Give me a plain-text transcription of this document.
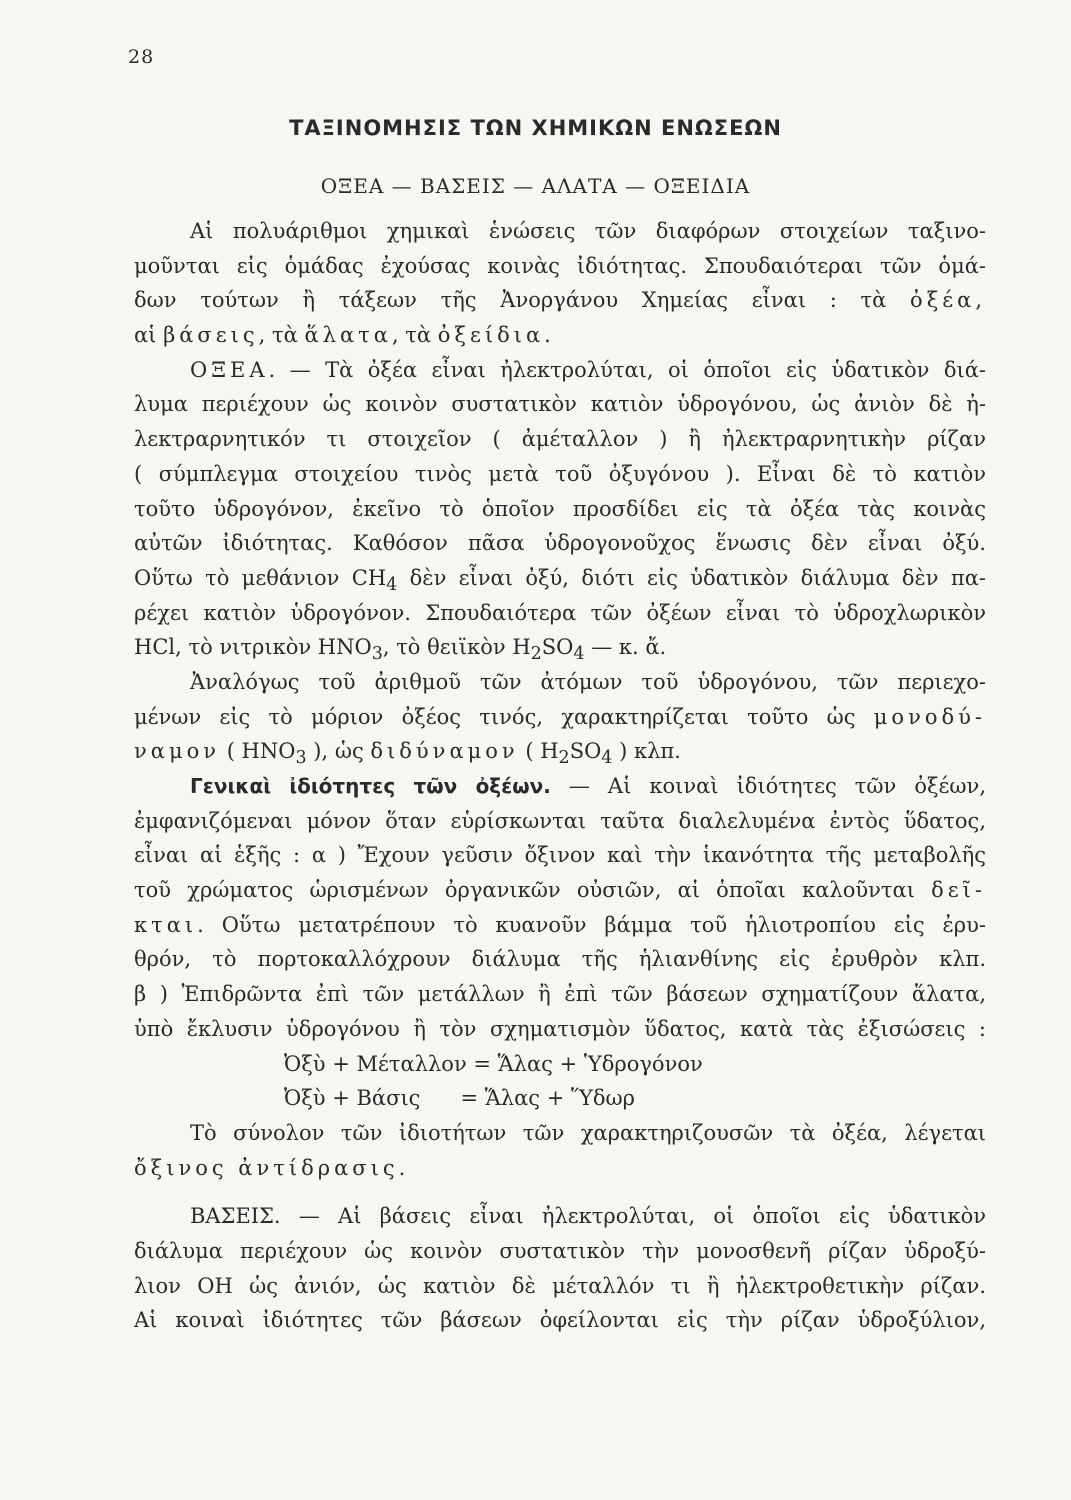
28
ΤΑΞΙΝΟΜΗΣΙΣ ΤΩΝ ΧΗΜΙΚΩΝ ΕΝΩΣΕΩΝ
ΟΞΕΑ — ΒΑΣΕΙΣ — ΑΛΑΤΑ — ΟΞΕΙΔΙΑ
Αἱ πολυάριθμοι χημικαὶ ἑνώσεις τῶν διαφόρων στοιχείων ταξινο-
μοῦνται εἰς ὁμάδας ἐχούσας κοινὰς ἰδιότητας. Σπουδαιότεραι τῶν ὁμά-
δων τούτων ἢ τάξεων τῆς Ἀνοργάνου Χημείας εἶναι : τὰ ὀξέα,
αἱ βάσεις, τὰ ἅλατα, τὰ ὀξείδια.
ΟΞΕΑ. — Τὰ ὀξέα εἶναι ἠλεκτρολύται, οἱ ὁποῖοι εἰς ὑδατικὸν διά-
λυμα περιέχουν ὡς κοινὸν συστατικὸν κατιὸν ὑδρογόνου, ὡς ἀνιὸν δὲ ἠ-
λεκτραρνητικόν τι στοιχεῖον ( ἀμέταλλον ) ἢ ἠλεκτραρνητικὴν ρίζαν
( σύμπλεγμα στοιχείου τινὸς μετὰ τοῦ ὀξυγόνου ). Εἶναι δὲ τὸ κατιὸν
τοῦτο ὑδρογόνον, ἐκεῖνο τὸ ὁποῖον προσδίδει εἰς τὰ ὀξέα τὰς κοινὰς
αὐτῶν ἰδιότητας. Καθόσον πᾶσα ὑδρογονοῦχος ἕνωσις δὲν εἶναι ὀξύ.
Οὕτω τὸ μεθάνιον $CH_4$ δὲν εἶναι ὀξύ, διότι εἰς ὑδατικὸν διάλυμα δὲν πα-
ρέχει κατιὸν ὑδρογόνον. Σπουδαιότερα τῶν ὀξέων εἶναι τὸ ὑδροχλωρικὸν
HCl, τὸ νιτρικὸν $HNO_3$, τὸ θειϊκὸν $H_2SO_4$ — κ. ἄ.
Ἀναλόγως τοῦ ἀριθμοῦ τῶν ἀτόμων τοῦ ὑδρογόνου, τῶν περιεχο-
μένων εἰς τὸ μόριον ὀξέος τινός, χαρακτηρίζεται τοῦτο ὡς μονοδύ-
ναμον ( $HNO_3$ ), ὡς διδύναμον ( $H_2SO_4$ ) κλπ.
Γενικαὶ ἰδιότητες τῶν ὀξέων. — Αἱ κοιναὶ ἰδιότητες τῶν ὀξέων,
ἐμφανιζόμεναι μόνον ὅταν εὑρίσκωνται ταῦτα διαλελυμένα ἐντὸς ὕδατος,
εἶναι αἱ ἑξῆς : α ) Ἔχουν γεῦσιν ὄξινον καὶ τὴν ἱκανότητα τῆς μεταβολῆς
τοῦ χρώματος ὡρισμένων ὀργανικῶν οὐσιῶν, αἱ ὁποῖαι καλοῦνται δεῖ-
κται. Οὕτω μετατρέπουν τὸ κυανοῦν βάμμα τοῦ ἡλιοτροπίου εἰς ἐρυ-
θρόν, τὸ πορτοκαλλόχρουν διάλυμα τῆς ἡλιανθίνης εἰς ἐρυθρὸν κλπ.
β ) Ἐπιδρῶντα ἐπὶ τῶν μετάλλων ἢ ἐπὶ τῶν βάσεων σχηματίζουν ἅλατα,
ὑπὸ ἔκλυσιν ὑδρογόνου ἢ τὸν σχηματισμὸν ὕδατος, κατὰ τὰς ἐξισώσεις :
Ὀξὺ + Μέταλλον = Ἅλας + Ὑδρογόνον
Ὀξὺ + Βάσις      = Ἅλας + Ὕδωρ
Τὸ σύνολον τῶν ἰδιοτήτων τῶν χαρακτηριζουσῶν τὰ ὀξέα, λέγεται
ὄξινος ἀντίδρασις.
ΒΑΣΕΙΣ. — Αἱ βάσεις εἶναι ἠλεκτρολύται, οἱ ὁποῖοι εἰς ὑδατικὸν
διάλυμα περιέχουν ὡς κοινὸν συστατικὸν τὴν μονοσθενῆ ρίζαν ὑδροξύ-
λιον ΟΗ ὡς ἀνιόν, ὡς κατιὸν δὲ μέταλλόν τι ἢ ἠλεκτροθετικὴν ρίζαν.
Αἱ κοιναὶ ἰδιότητες τῶν βάσεων ὀφείλονται εἰς τὴν ρίζαν ὑδροξύλιον,
